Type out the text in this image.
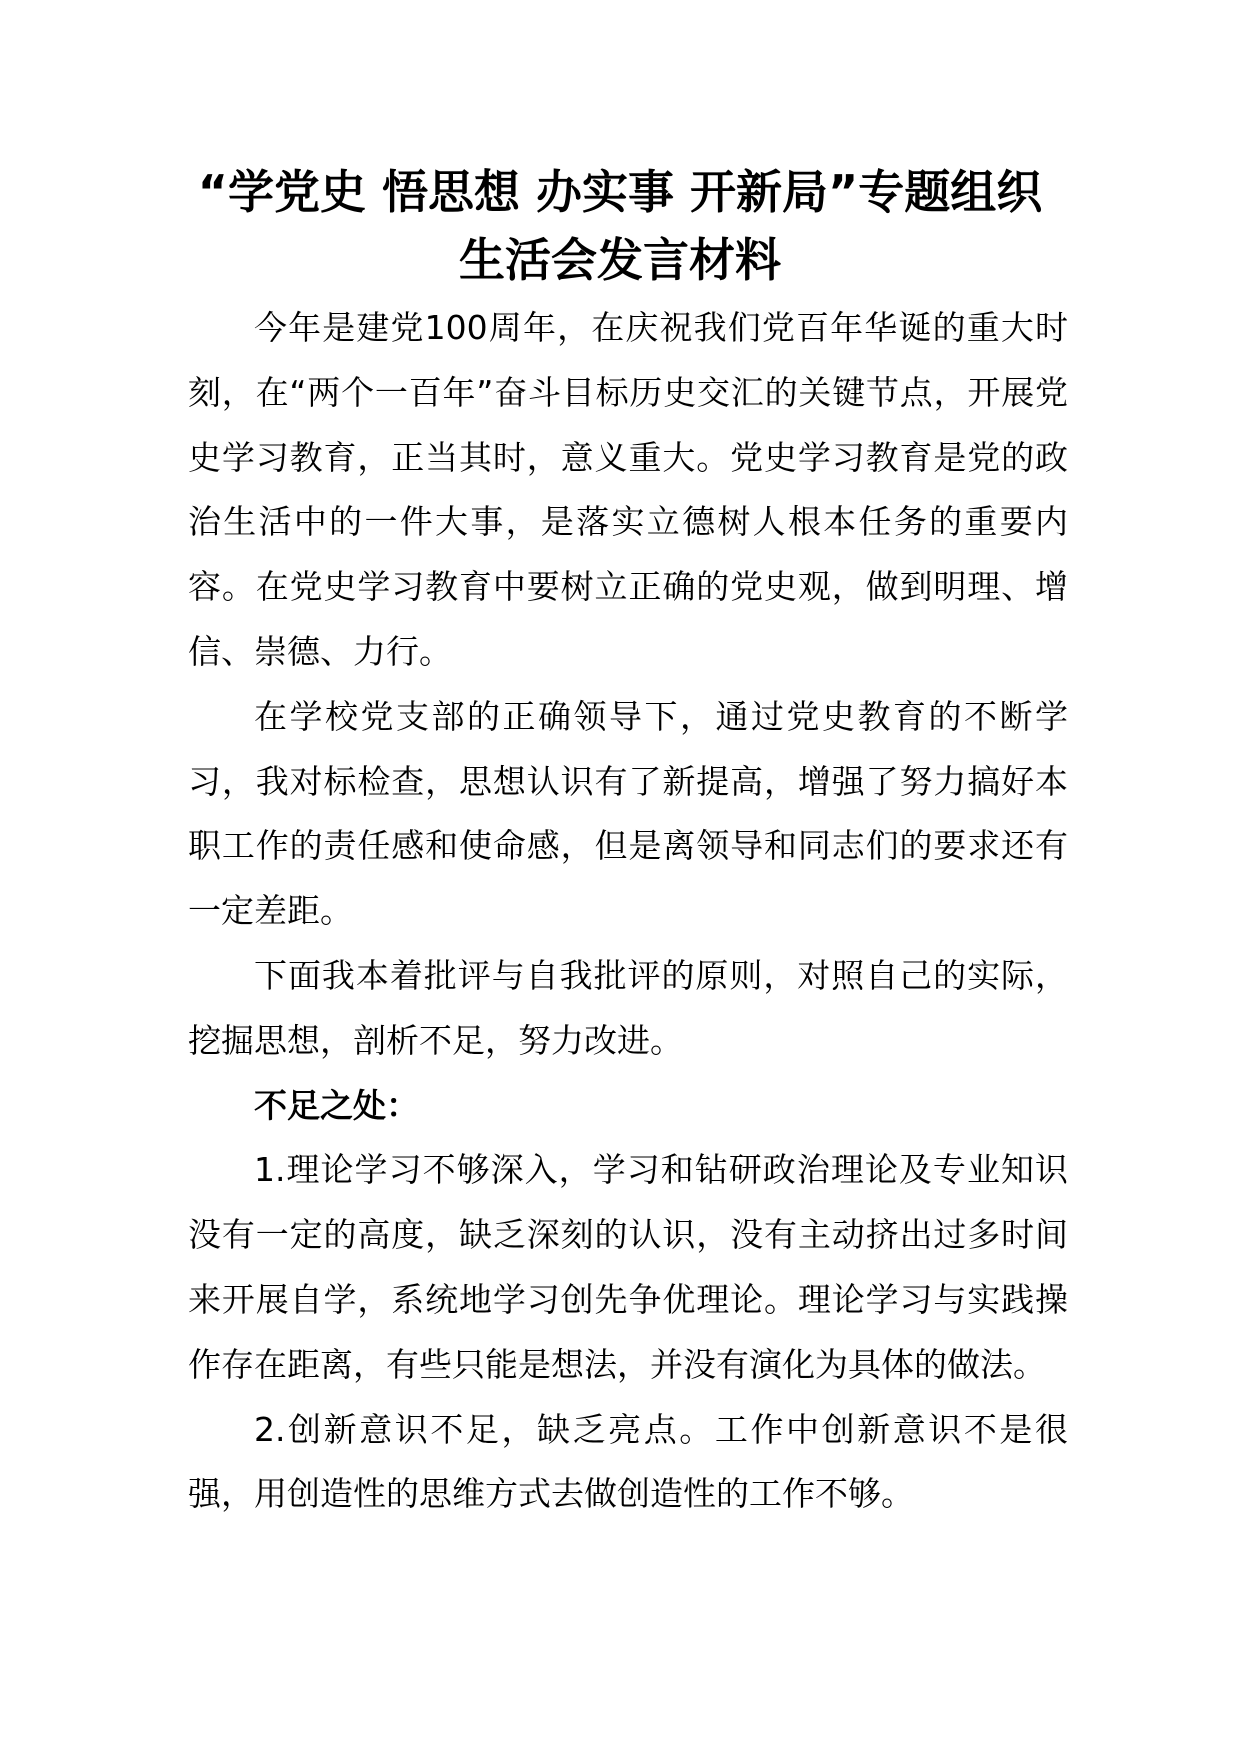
“学党史 悟思想 办实事 开新局”专题组织
生活会发言材料

今年是建党100周年，在庆祝我们党百年华诞的重大时刻，在“两个一百年”奋斗目标历史交汇的关键节点，开展党史学习教育，正当其时，意义重大。党史学习教育是党的政治生活中的一件大事，是落实立德树人根本任务的重要内容。在党史学习教育中要树立正确的党史观，做到明理、增信、崇德、力行。

在学校党支部的正确领导下，通过党史教育的不断学习，我对标检查，思想认识有了新提高，增强了努力搞好本职工作的责任感和使命感，但是离领导和同志们的要求还有一定差距。

下面我本着批评与自我批评的原则，对照自己的实际，挖掘思想，剖析不足，努力改进。

不足之处：

1.理论学习不够深入，学习和钻研政治理论及专业知识没有一定的高度，缺乏深刻的认识，没有主动挤出过多时间来开展自学，系统地学习创先争优理论。理论学习与实践操作存在距离，有些只能是想法，并没有演化为具体的做法。

2.创新意识不足，缺乏亮点。工作中创新意识不是很强，用创造性的思维方式去做创造性的工作不够。
